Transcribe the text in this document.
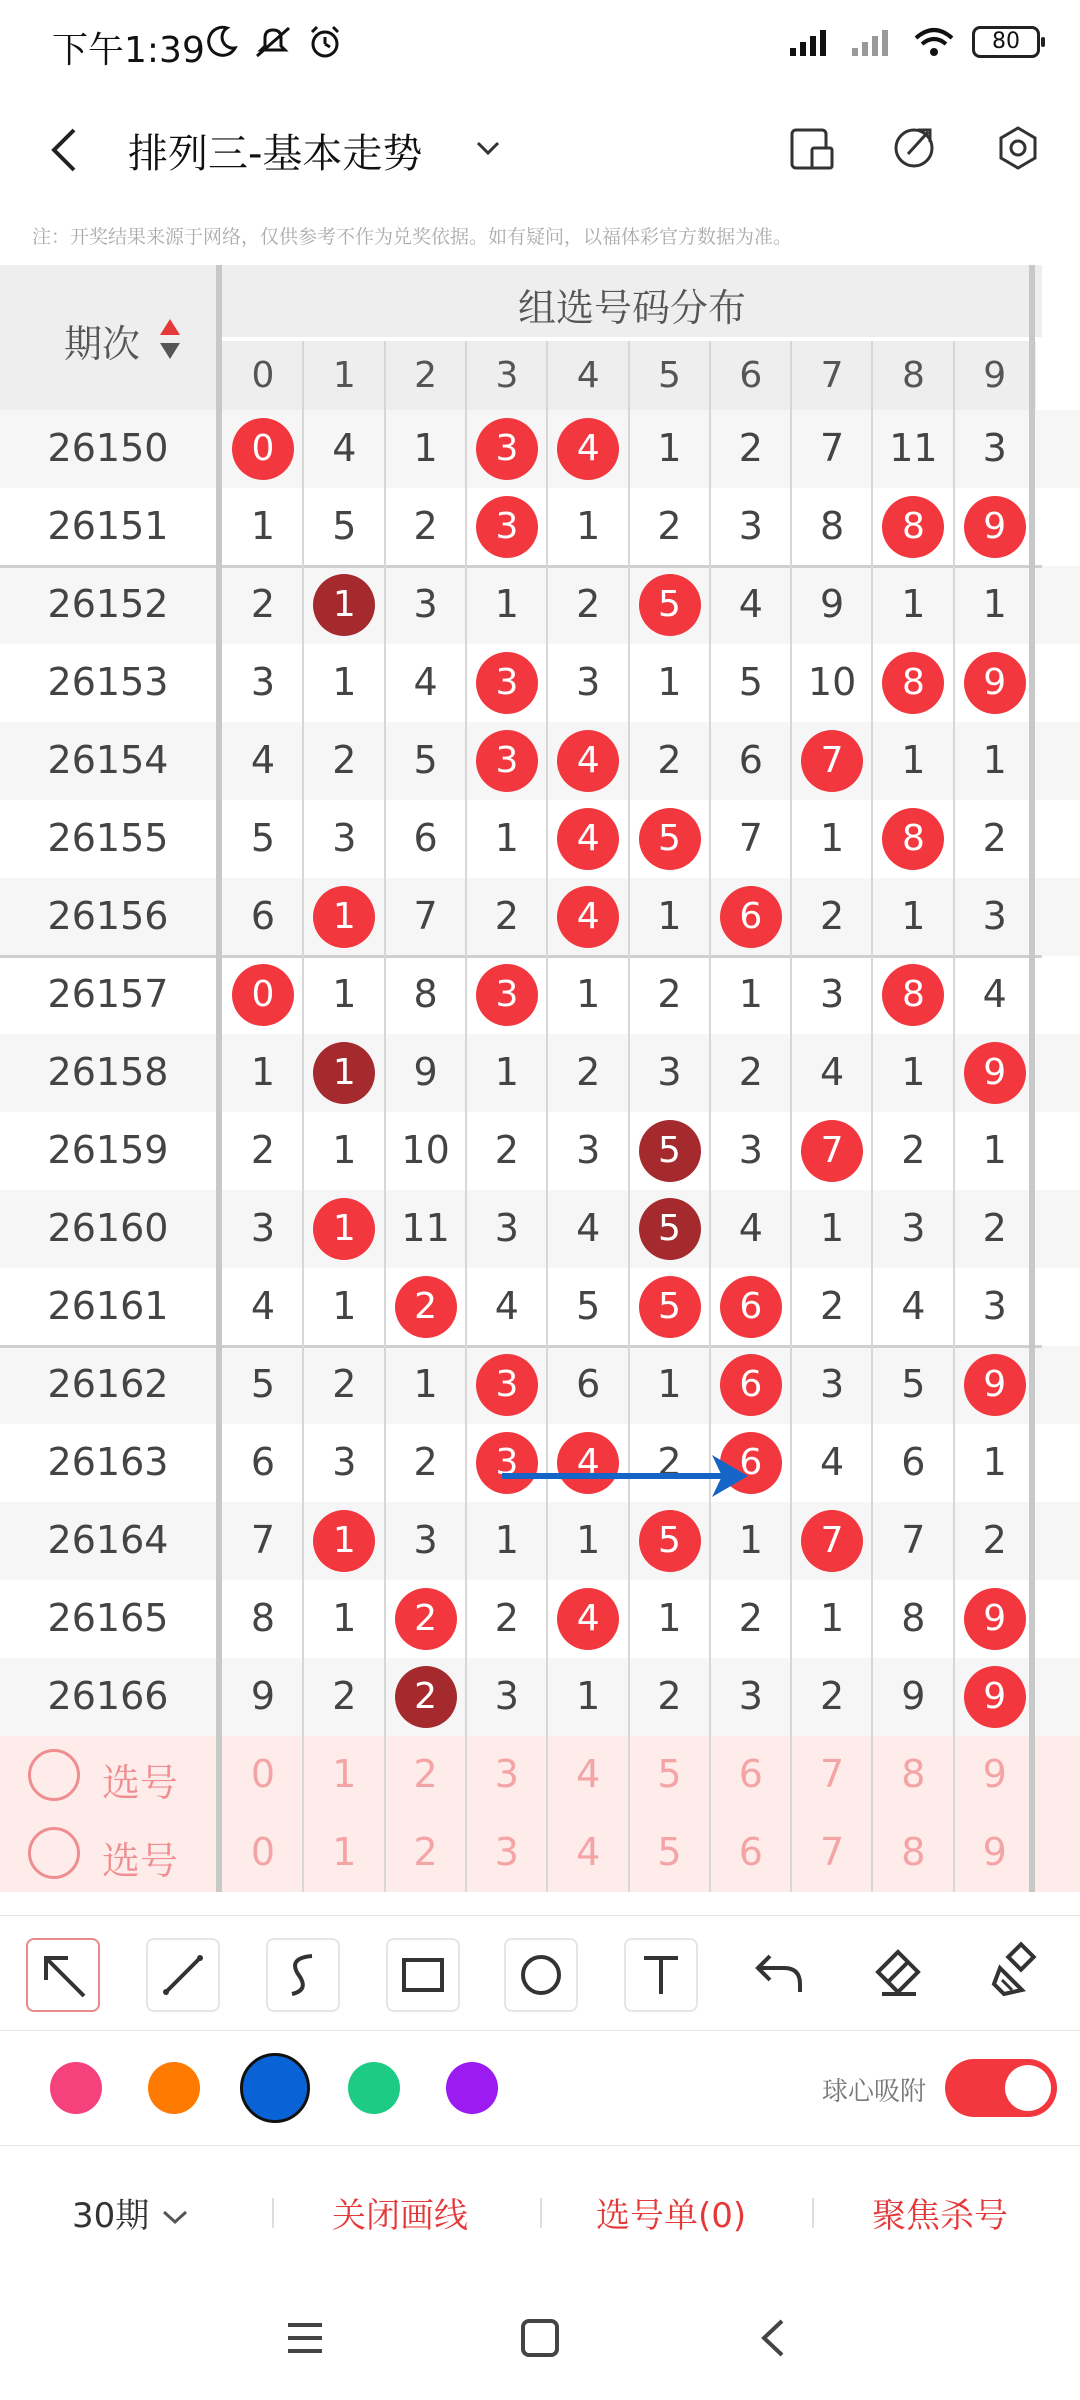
下午1:39	80
排列三-基本走势
注：开奖结果来源于网络，仅供参考不作为兑奖依据。如有疑问，以福体彩官方数据为准。
期次
组选号码分布
0	1	2	3	4	5	6	7	8	9
26150	0	4	1	3	4	1	2	7	11	3
26151	1	5	2	3	1	2	3	8	8	9
26152	2	1	3	1	2	5	4	9	1	1
26153	3	1	4	3	3	1	5	10	8	9
26154	4	2	5	3	4	2	6	7	1	1
26155	5	3	6	1	4	5	7	1	8	2
26156	6	1	7	2	4	1	6	2	1	3
26157	0	1	8	3	1	2	1	3	8	4
26158	1	1	9	1	2	3	2	4	1	9
26159	2	1	10	2	3	5	3	7	2	1
26160	3	1	11	3	4	5	4	1	3	2
26161	4	1	2	4	5	5	6	2	4	3
26162	5	2	1	3	6	1	6	3	5	9
26163	6	3	2	3	4	2	6	4	6	1
26164	7	1	3	1	1	5	1	7	7	2
26165	8	1	2	2	4	1	2	1	8	9
26166	9	2	2	3	1	2	3	2	9	9
选号	0	1	2	3	4	5	6	7	8	9
选号	0	1	2	3	4	5	6	7	8	9
球心吸附
30期	关闭画线	选号单(0)	聚焦杀号
